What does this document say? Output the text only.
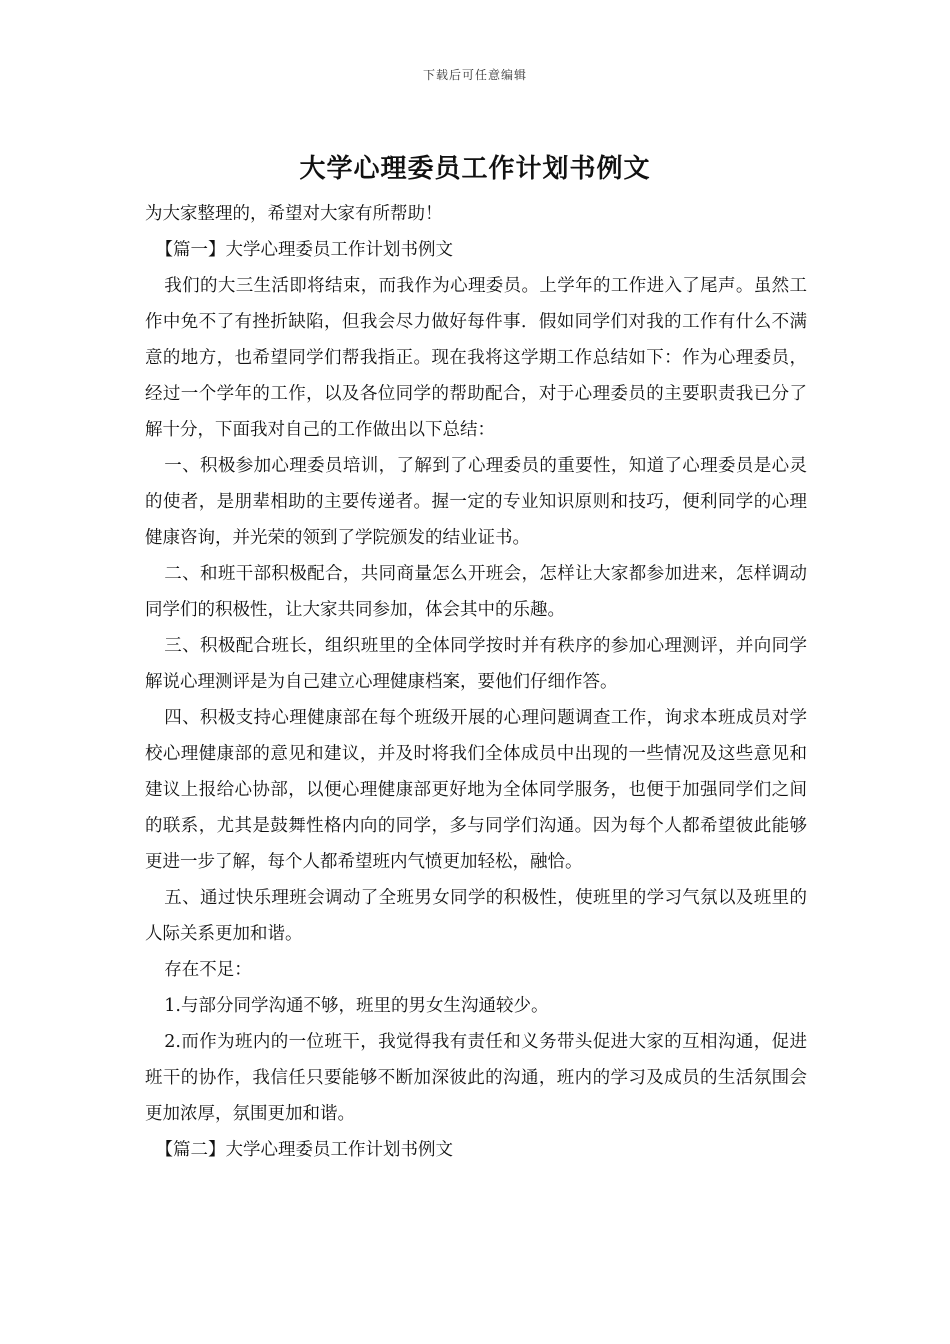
下载后可任意编辑
大学心理委员工作计划书例文

为大家整理的，希望对大家有所帮助！

【篇一】大学心理委员工作计划书例文

我们的大三生活即将结束，而我作为心理委员。上学年的工作进入了尾声。虽然工作中免不了有挫折缺陷，但我会尽力做好每件事．假如同学们对我的工作有什么不满意的地方，也希望同学们帮我指正。现在我将这学期工作总结如下：作为心理委员，经过一个学年的工作，以及各位同学的帮助配合，对于心理委员的主要职责我已分了解十分，下面我对自己的工作做出以下总结：

一、积极参加心理委员培训，了解到了心理委员的重要性，知道了心理委员是心灵的使者，是朋辈相助的主要传递者。握一定的专业知识原则和技巧，便利同学的心理健康咨询，并光荣的领到了学院颁发的结业证书。

二、和班干部积极配合，共同商量怎么开班会，怎样让大家都参加进来，怎样调动同学们的积极性，让大家共同参加，体会其中的乐趣。

三、积极配合班长，组织班里的全体同学按时并有秩序的参加心理测评，并向同学解说心理测评是为自己建立心理健康档案，要他们仔细作答。

四、积极支持心理健康部在每个班级开展的心理问题调查工作，询求本班成员对学校心理健康部的意见和建议，并及时将我们全体成员中出现的一些情况及这些意见和建议上报给心协部，以便心理健康部更好地为全体同学服务，也便于加强同学们之间的联系，尤其是鼓舞性格内向的同学，多与同学们沟通。因为每个人都希望彼此能够更进一步了解，每个人都希望班内气愤更加轻松，融恰。

五、通过快乐理班会调动了全班男女同学的积极性，使班里的学习气氛以及班里的人际关系更加和谐。

存在不足：

1.与部分同学沟通不够，班里的男女生沟通较少。

2.而作为班内的一位班干，我觉得我有责任和义务带头促进大家的互相沟通，促进班干的协作，我信任只要能够不断加深彼此的沟通，班内的学习及成员的生活氛围会更加浓厚，氛围更加和谐。

【篇二】大学心理委员工作计划书例文
